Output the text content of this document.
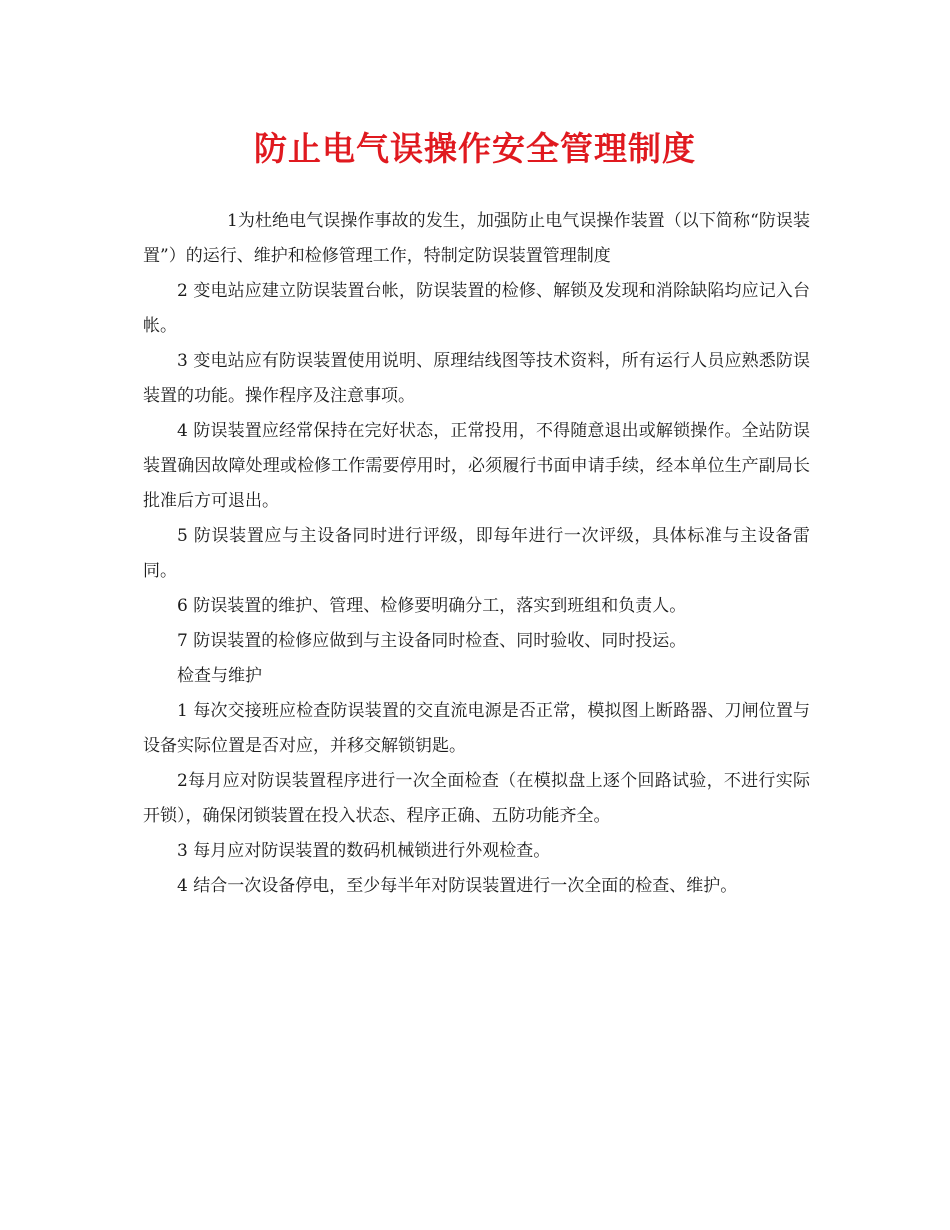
防止电气误操作安全管理制度

1为杜绝电气误操作事故的发生，加强防止电气误操作装置（以下简称“防误装置”）的运行、维护和检修管理工作，特制定防误装置管理制度

2 变电站应建立防误装置台帐，防误装置的检修、解锁及发现和消除缺陷均应记入台帐。

3 变电站应有防误装置使用说明、原理结线图等技术资料，所有运行人员应熟悉防误装置的功能。操作程序及注意事项。

4 防误装置应经常保持在完好状态，正常投用，不得随意退出或解锁操作。全站防误装置确因故障处理或检修工作需要停用时，必须履行书面申请手续，经本单位生产副局长批准后方可退出。

5 防误装置应与主设备同时进行评级，即每年进行一次评级，具体标准与主设备雷同。

6 防误装置的维护、管理、检修要明确分工，落实到班组和负责人。

7 防误装置的检修应做到与主设备同时检查、同时验收、同时投运。

检查与维护

1 每次交接班应检查防误装置的交直流电源是否正常，模拟图上断路器、刀闸位置与设备实际位置是否对应，并移交解锁钥匙。

2每月应对防误装置程序进行一次全面检查（在模拟盘上逐个回路试验，不进行实际开锁），确保闭锁装置在投入状态、程序正确、五防功能齐全。

3 每月应对防误装置的数码机械锁进行外观检查。

4 结合一次设备停电，至少每半年对防误装置进行一次全面的检查、维护。
